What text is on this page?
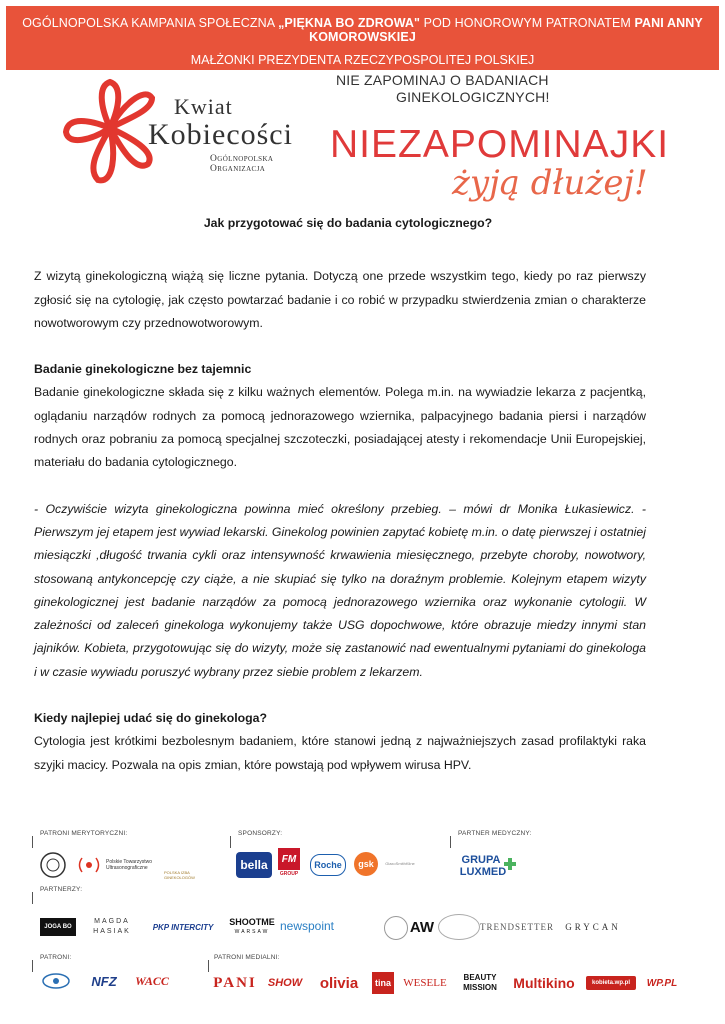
OGÓLNOPOLSKA KAMPANIA SPOŁECZNA „PIĘKNA BO ZDROWA" POD HONOROWYM PATRONATEM PANI ANNY KOMOROWSKIEJ
MAŁŻONKI PREZYDENTA RZECZYPOSPOLITEJ POLSKIEJ
Kwiat
Kobiecości
Ogólnopolska Organizacja
NIE ZAPOMINAJ O BADANIACH
GINEKOLOGICZNYCH!
NIEZAPOMINAJKI
żyją dłużej!
Jak przygotować się do badania cytologicznego?

Z wizytą ginekologiczną wiążą się liczne pytania. Dotyczą one przede wszystkim tego, kiedy po raz pierwszy zgłosić się na cytologię, jak często powtarzać badanie i co robić w przypadku stwierdzenia zmian o charakterze nowotworowym czy przednowotworowym.

Badanie ginekologiczne bez tajemnic

Badanie ginekologiczne składa się z kilku ważnych elementów. Polega m.in. na wywiadzie lekarza z pacjentką, oglądaniu narządów rodnych za pomocą jednorazowego wziernika, palpacyjnego badania piersi i narządów rodnych oraz pobraniu za pomocą specjalnej szczoteczki, posiadającej atesty i rekomendacje Unii Europejskiej, materiału do badania cytologicznego.

- Oczywiście wizyta ginekologiczna powinna mieć określony przebieg. – mówi dr Monika Łukasiewicz. - Pierwszym jej etapem jest wywiad lekarski. Ginekolog powinien zapytać kobietę m.in. o datę pierwszej i ostatniej miesiączki ,długość trwania cykli oraz intensywność krwawienia miesięcznego, przebyte choroby, nowotwory, stosowaną antykoncepcję czy ciąże, a nie skupiać się tylko na doraźnym problemie. Kolejnym etapem wizyty ginekologicznej jest badanie narządów za pomocą jednorazowego wziernika oraz wykonanie cytologii. W zależności od zaleceń ginekologa wykonujemy także USG dopochwowe, które obrazuje miedzy innymi stan jajników. Kobieta, przygotowując się do wizyty, może się zastanowić nad ewentualnymi pytaniami do ginekologa i w czasie wywiadu poruszyć wybrany przez siebie problem z lekarzem.

Kiedy najlepiej udać się do ginekologa?

Cytologia jest krótkimi bezbolesnym badaniem, które stanowi jedną z najważniejszych zasad profilaktyki raka szyjki macicy. Pozwala na opis zmian, które powstają pod wpływem wirusa HPV.

PATRONI MERYTORYCZNI:	SPONSORZY:	PARTNER MEDYCZNY:
Polskie Towarzystwo Ultrasonograficzne
POLSKA IZBA GINEKOLOGÓW
bella	FM
GROUP
Roche	gsk	GlaxoSmithKline	GRUPA
LUXMED
PARTNERZY:
JOGA BO
MAGDA
HASIAK	PKP INTERCITY	SHOOTME
WARSAW newspoint	AW	TRENDSETTER	GRYCAN
PATRONI:	PATRONI MEDIALNI:
NFZ	WACC	PANI	SHOW	olivia	tina WESELE	BEAUTY
MISSION	Multikino	kobieta.wp.pl	WP.PL
